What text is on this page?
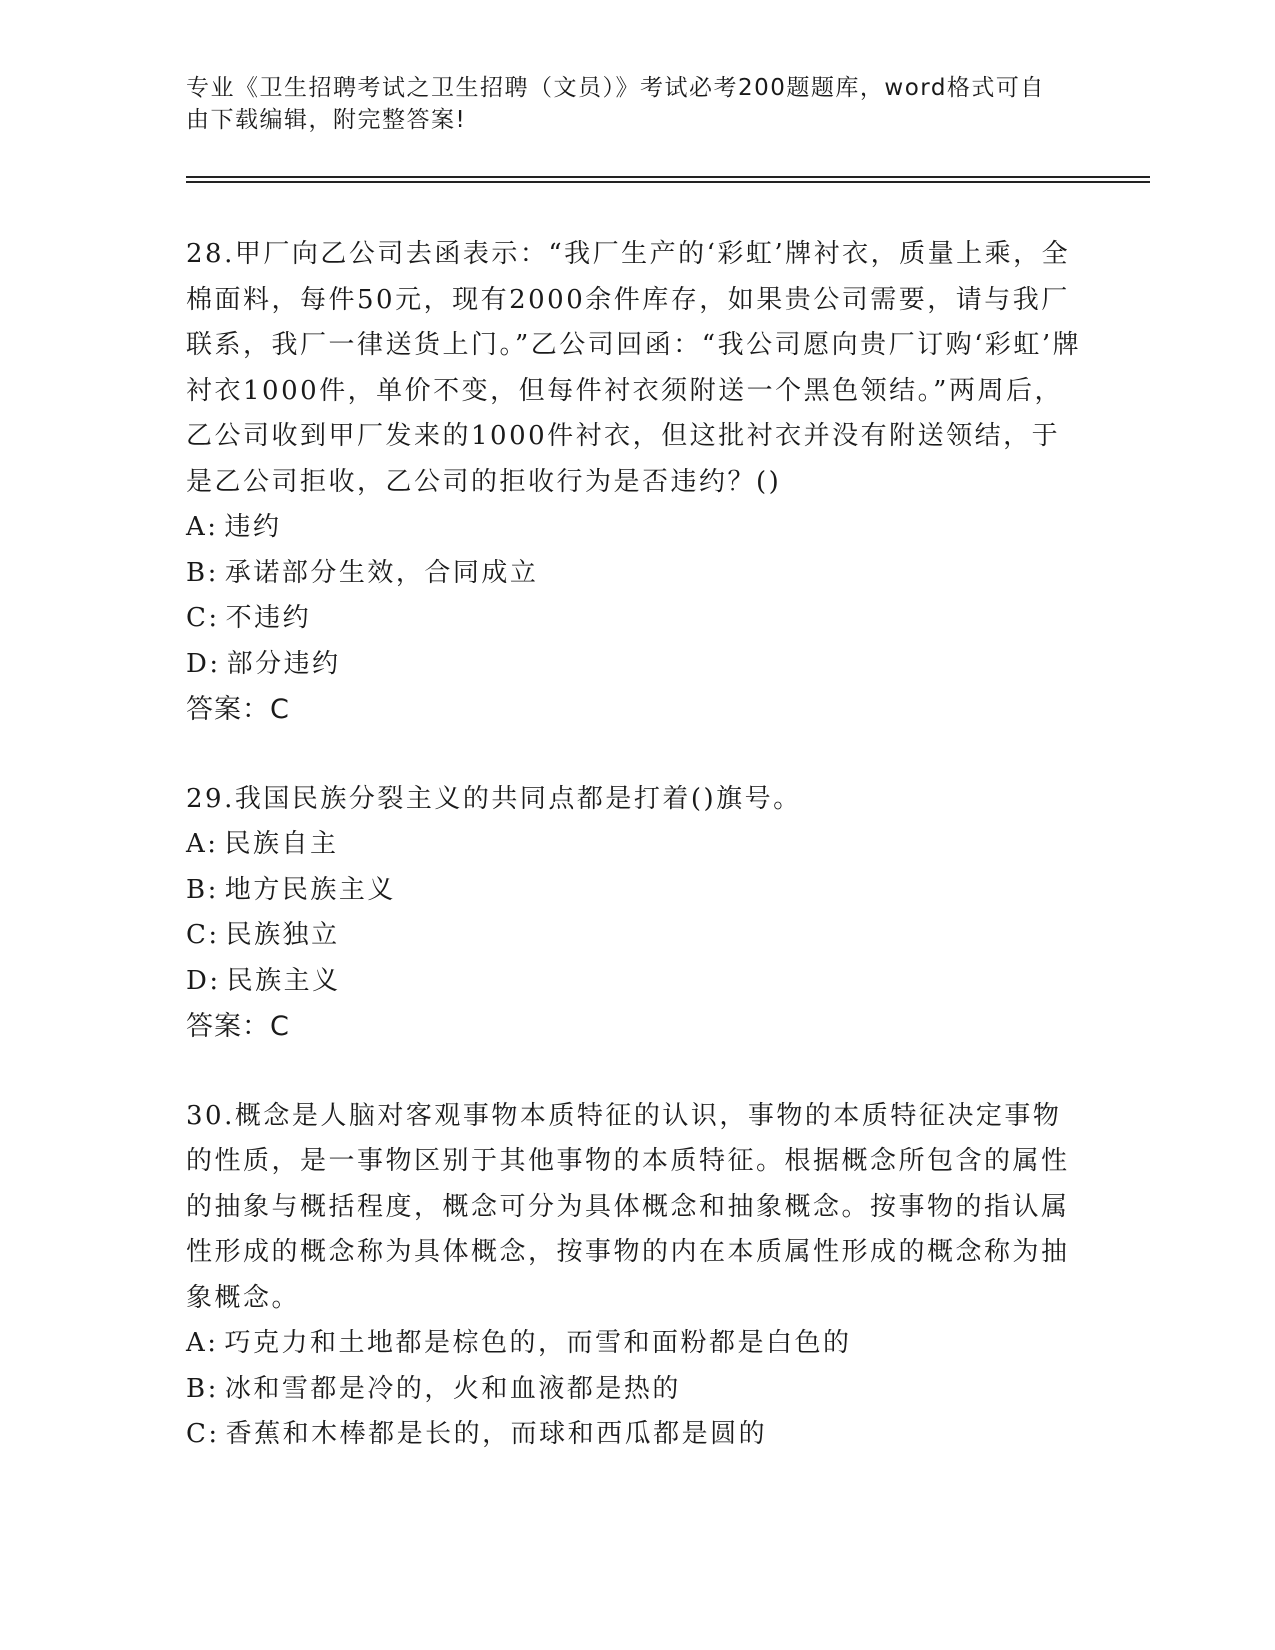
专业《卫生招聘考试之卫生招聘（文员）》考试必考200题题库，word格式可自由下载编辑，附完整答案!
28.甲厂向乙公司去函表示：“我厂生产的‘彩虹’牌衬衣，质量上乘，全棉面料，每件50元，现有2000余件库存，如果贵公司需要，请与我厂联系，我厂一律送货上门。”乙公司回函：“我公司愿向贵厂订购‘彩虹’牌衬衣1000件，单价不变，但每件衬衣须附送一个黑色领结。”两周后，乙公司收到甲厂发来的1000件衬衣，但这批衬衣并没有附送领结，于是乙公司拒收，乙公司的拒收行为是否违约？()
A: 违约
B: 承诺部分生效，合同成立
C: 不违约
D: 部分违约
答案：C
29.我国民族分裂主义的共同点都是打着()旗号。
A: 民族自主
B: 地方民族主义
C: 民族独立
D: 民族主义
答案：C
30.概念是人脑对客观事物本质特征的认识，事物的本质特征决定事物的性质，是一事物区别于其他事物的本质特征。根据概念所包含的属性的抽象与概括程度，概念可分为具体概念和抽象概念。按事物的指认属性形成的概念称为具体概念，按事物的内在本质属性形成的概念称为抽象概念。
A: 巧克力和土地都是棕色的，而雪和面粉都是白色的
B: 冰和雪都是冷的，火和血液都是热的
C: 香蕉和木棒都是长的，而球和西瓜都是圆的
